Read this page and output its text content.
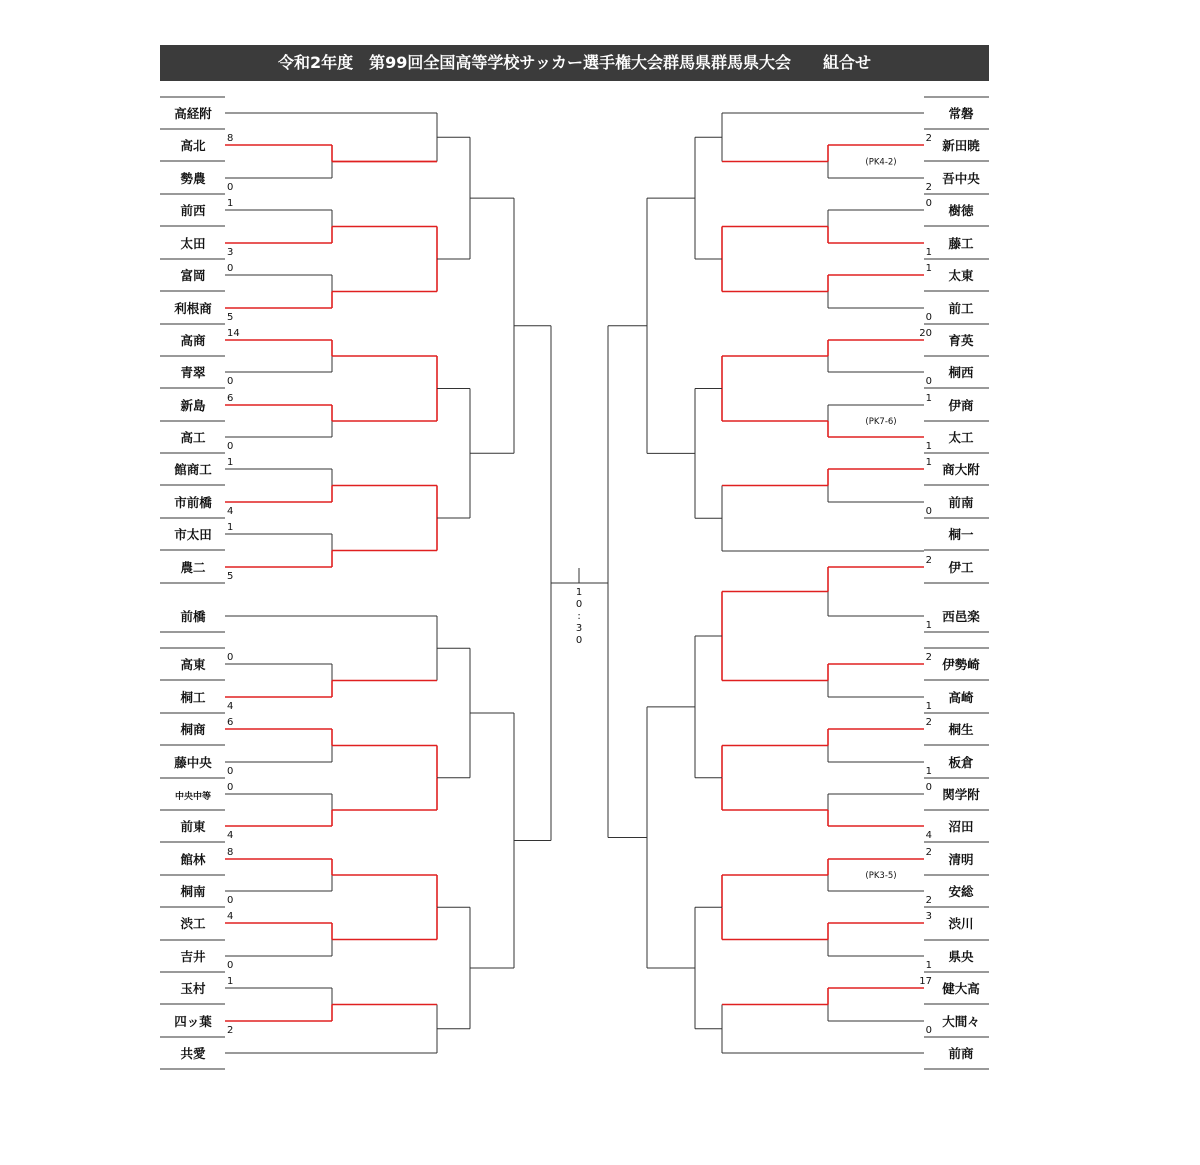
令和2年度　第99回全国高等学校サッカー選手権大会群馬県群馬県大会　　組合せ
高経附
高北
勢農
前西
太田
富岡
利根商
高商
青翠
新島
高工
館商工
市前橋
市太田
農二
前橋
高東
桐工
桐商
藤中央
中央中等
前東
館林
桐南
渋工
吉井
玉村
四ッ葉
共愛
常磐
新田暁
吾中央
樹徳
藤工
太東
前工
育英
桐西
伊商
太工
商大附
前南
桐一
伊工
西邑楽
伊勢崎
高崎
桐生
板倉
関学附
沼田
清明
安総
渋川
県央
健大高
大間々
前商
8
0
1
3
0
5
14
0
6
0
1
4
1
5
0
4
6
0
0
4
8
0
4
0
1
2
2
2
(PK4-2)
0
1
1
0
20
0
1
1
(PK7-6)
1
0
2
1
2
1
2
1
0
4
2
2
(PK3-5)
3
1
17
0
1
0
:
3
0
